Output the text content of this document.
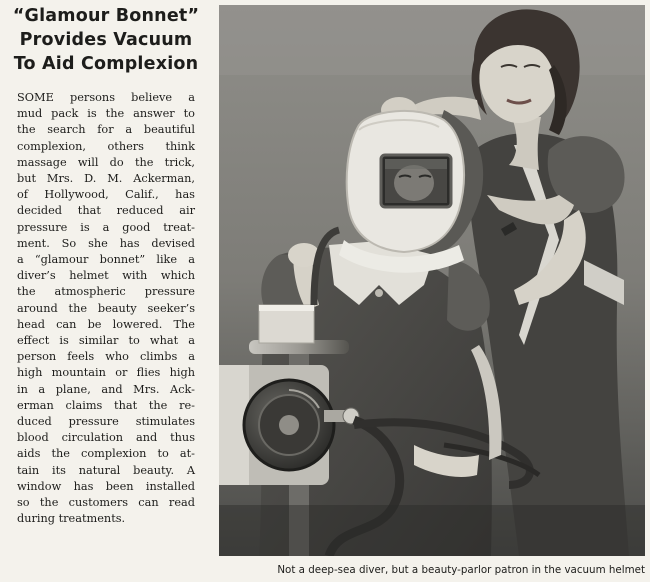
“Glamour Bonnet”
Provides Vacuum
To Aid Complexion
SOME persons believe a
mud pack is the answer to
the search for a beautiful
complexion, others think
massage will do the trick,
but Mrs. D. M. Ackerman,
of Hollywood, Calif., has
decided that reduced air
pressure is a good treat-
ment. So she has devised
a “glamour bonnet” like a
diver’s helmet with which
the atmospheric pressure
around the beauty seeker’s
head can be lowered. The
effect is similar to what a
person feels who climbs a
high mountain or flies high
in a plane, and Mrs. Ack-
erman claims that the re-
duced pressure stimulates
blood circulation and thus
aids the complexion to at-
tain its natural beauty. A
window has been installed
so the customers can read
during treatments.
Not a deep-sea diver, but a beauty-parlor patron in the vacuum helmet
